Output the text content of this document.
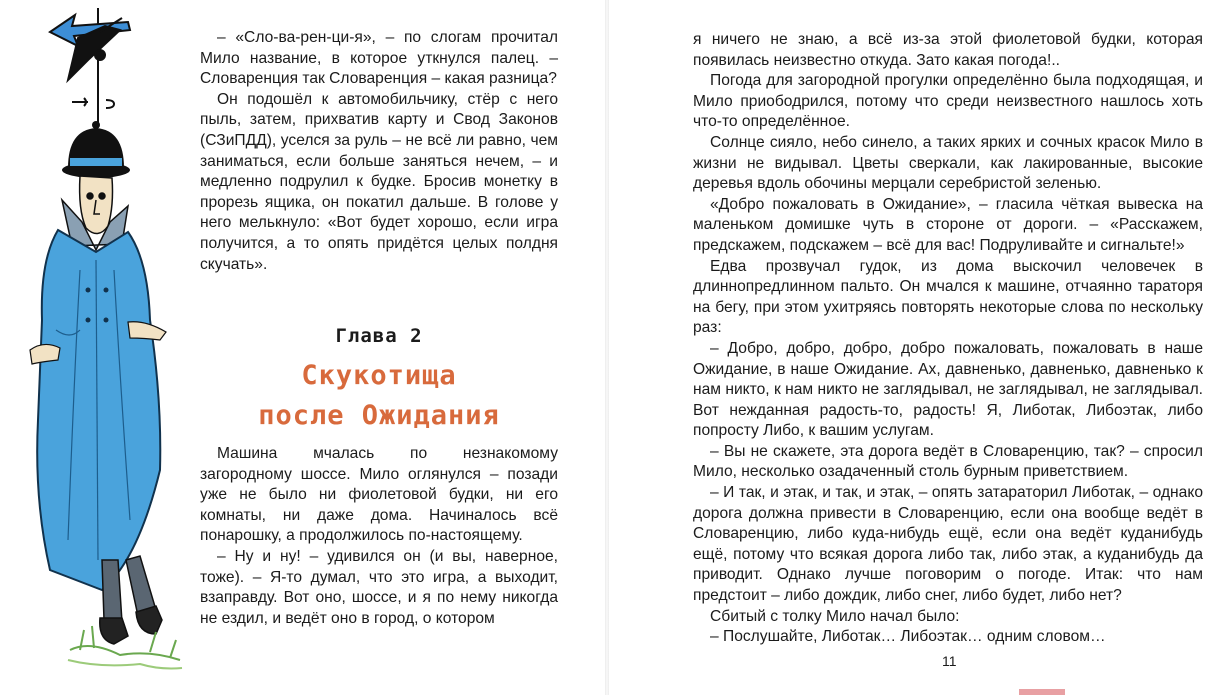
– «Сло-ва-рен-ци-я», – по слогам прочитал Мило название, в которое уткнулся палец. – Словаренция так Словаренция – какая разница?

Он подошёл к автомобильчику, стёр с него пыль, затем, прихватив карту и Свод Законов (СЗиПДД), уселся за руль – не всё ли равно, чем заниматься, если больше заняться нечем, – и медленно подрулил к будке. Бросив монетку в прорезь ящика, он покатил дальше. В голове у него мелькнуло: «Вот будет хорошо, если игра получится, а то опять придётся целых полдня скучать».

Глава 2
Скукотища
после Ожидания

Машина мчалась по незнакомому загородному шоссе. Мило оглянулся – позади уже не было ни фиолетовой будки, ни его комнаты, ни даже дома. Начиналось всё понарошку, а продолжилось по-настоящему.

– Ну и ну! – удивился он (и вы, наверное, тоже). – Я-то думал, что это игра, а выходит, взаправду. Вот оно, шоссе, и я по нему никогда не ездил, и ведёт оно в город, о котором

я ничего не знаю, а всё из-за этой фиолетовой будки, которая появилась неизвестно откуда. Зато какая погода!..

Погода для загородной прогулки определённо была подходящая, и Мило приободрился, потому что среди неизвестного нашлось хоть что-то определённое.

Солнце сияло, небо синело, а таких ярких и сочных красок Мило в жизни не видывал. Цветы сверкали, как лакированные, высокие деревья вдоль обочины мерцали серебристой зеленью.

«Добро пожаловать в Ожидание», – гласила чёткая вывеска на маленьком домишке чуть в стороне от дороги. – «Расскажем, предскажем, подскажем – всё для вас! Подруливайте и сигнальте!»

Едва прозвучал гудок, из дома выскочил человечек в длиннопредлинном пальто. Он мчался к машине, отчаянно тараторя на бегу, при этом ухитряясь повторять некоторые слова по нескольку раз:

– Добро, добро, добро, добро пожаловать, пожаловать в наше Ожидание, в наше Ожидание. Ах, давненько, давненько, давненько к нам никто, к нам никто не заглядывал, не заглядывал, не заглядывал. Вот нежданная радость-то, радость! Я, Либотак, Либоэтак, либо попросту Либо, к вашим услугам.

– Вы не скажете, эта дорога ведёт в Словаренцию, так? – спросил Мило, несколько озадаченный столь бурным приветствием.

– И так, и этак, и так, и этак, – опять затараторил Либотак, – однако дорога должна привести в Словаренцию, если она вообще ведёт в Словаренцию, либо куда-нибудь ещё, если она ведёт куданибудь ещё, потому что всякая дорога либо так, либо этак, а куданибудь да приводит. Однако лучше поговорим о погоде. Итак: что нам предстоит – либо дождик, либо снег, либо будет, либо нет?

Сбитый с толку Мило начал было:

– Послушайте, Либотак… Либоэтак… одним словом…

11
